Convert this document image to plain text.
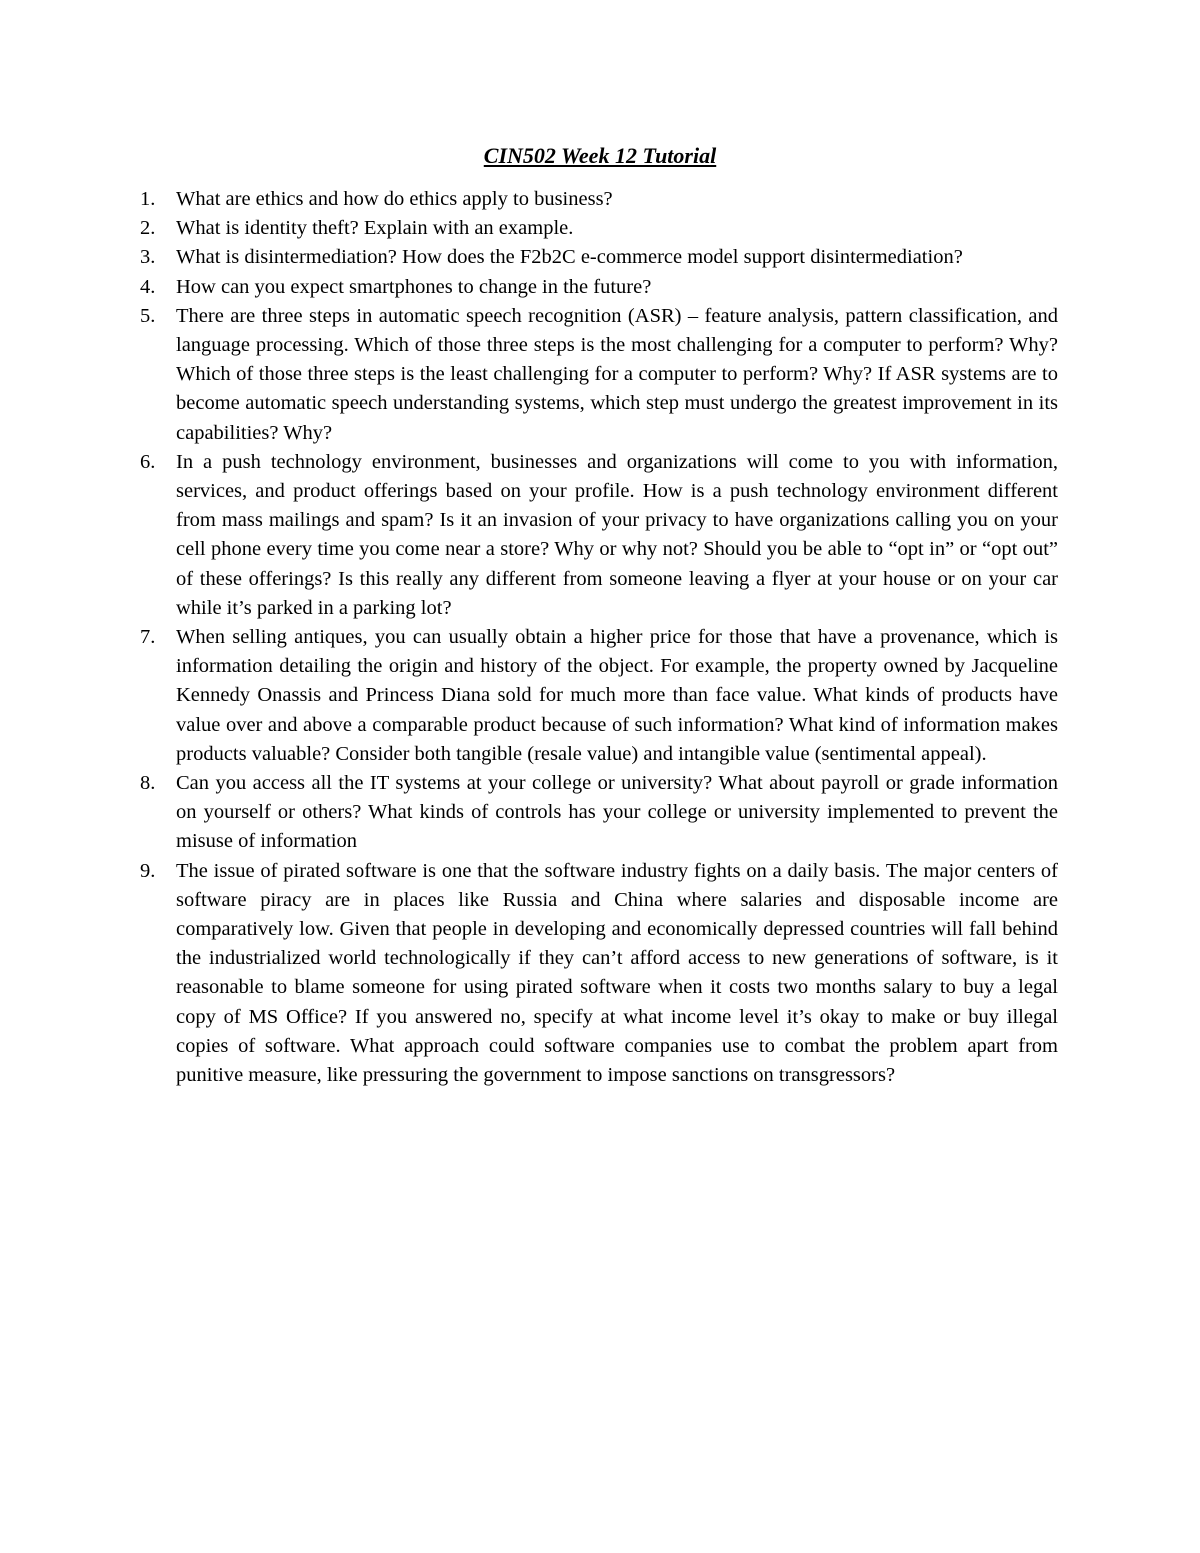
CIN502 Week 12 Tutorial
1. What are ethics and how do ethics apply to business?
2. What is identity theft? Explain with an example.
3. What is disintermediation? How does the F2b2C e-commerce model support disintermediation?
4. How can you expect smartphones to change in the future?
5. There are three steps in automatic speech recognition (ASR) – feature analysis, pattern classification, and language processing. Which of those three steps is the most challenging for a computer to perform? Why? Which of those three steps is the least challenging for a computer to perform? Why? If ASR systems are to become automatic speech understanding systems, which step must undergo the greatest improvement in its capabilities? Why?
6. In a push technology environment, businesses and organizations will come to you with information, services, and product offerings based on your profile. How is a push technology environment different from mass mailings and spam? Is it an invasion of your privacy to have organizations calling you on your cell phone every time you come near a store? Why or why not? Should you be able to “opt in” or “opt out” of these offerings? Is this really any different from someone leaving a flyer at your house or on your car while it’s parked in a parking lot?
7. When selling antiques, you can usually obtain a higher price for those that have a provenance, which is information detailing the origin and history of the object. For example, the property owned by Jacqueline Kennedy Onassis and Princess Diana sold for much more than face value. What kinds of products have value over and above a comparable product because of such information? What kind of information makes products valuable? Consider both tangible (resale value) and intangible value (sentimental appeal).
8. Can you access all the IT systems at your college or university? What about payroll or grade information on yourself or others? What kinds of controls has your college or university implemented to prevent the misuse of information
9. The issue of pirated software is one that the software industry fights on a daily basis. The major centers of software piracy are in places like Russia and China where salaries and disposable income are comparatively low. Given that people in developing and economically depressed countries will fall behind the industrialized world technologically if they can’t afford access to new generations of software, is it reasonable to blame someone for using pirated software when it costs two months salary to buy a legal copy of MS Office? If you answered no, specify at what income level it’s okay to make or buy illegal copies of software. What approach could software companies use to combat the problem apart from punitive measure, like pressuring the government to impose sanctions on transgressors?
